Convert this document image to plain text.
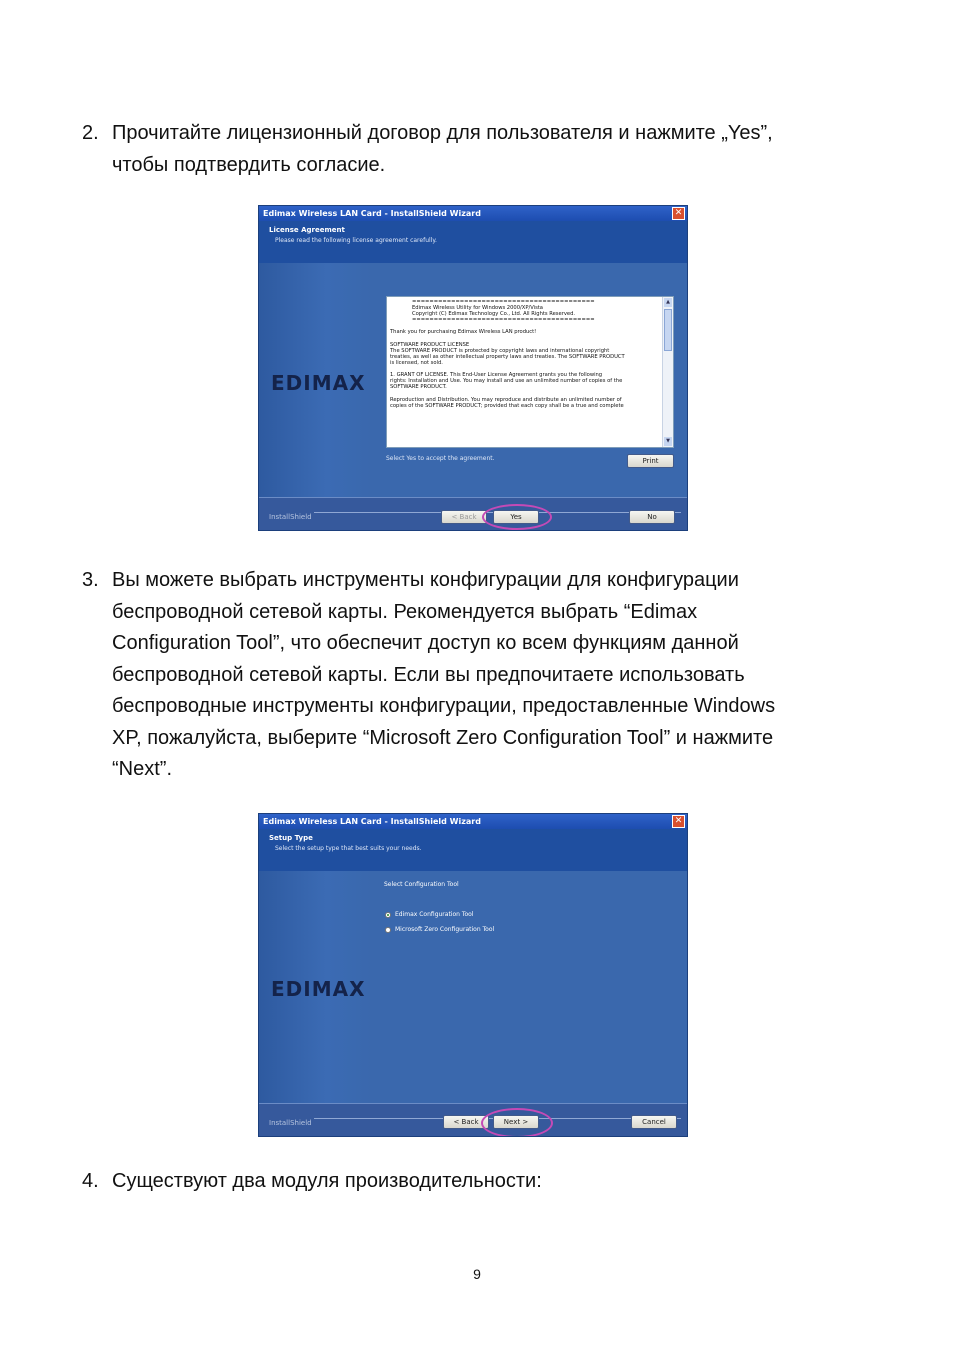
2. Прочитайте лицензионный договор для пользователя и нажмите „Yes”,
чтобы подтвердить согласие.
Edimax Wireless LAN Card - InstallShield Wizard	✕
License Agreement
Please read the following license agreement carefully.
EDIMAX
==========================================
Edimax Wireless Utility for Windows 2000/XP/Vista
Copyright (C) Edimax Technology Co., Ltd. All Rights Reserved.
==========================================

Thank you for purchasing Edimax Wireless LAN product!

SOFTWARE PRODUCT LICENSE
The SOFTWARE PRODUCT is protected by copyright laws and international copyright
treaties, as well as other intellectual property laws and treaties. The SOFTWARE PRODUCT
is licensed, not sold.

1. GRANT OF LICENSE. This End-User License Agreement grants you the following
rights: Installation and Use. You may install and use an unlimited number of copies of the
SOFTWARE PRODUCT.

Reproduction and Distribution. You may reproduce and distribute an unlimited number of
copies of the SOFTWARE PRODUCT; provided that each copy shall be a true and complete
▲
▼
Select Yes to accept the agreement.	Print
InstallShield	< Back	Yes	No
3. Вы можете выбрать инструменты конфигурации для конфигурации
беспроводной сетевой карты. Рекомендуется выбрать “Edimax
Configuration Tool”, что обеспечит доступ ко всем функциям данной
беспроводной сетевой карты. Если вы предпочитаете использовать
беспроводные инструменты конфигурации, предоставленные Windows
XP, пожалуйста, выберите “Microsoft Zero Configuration Tool” и нажмите
“Next”.
Edimax Wireless LAN Card - InstallShield Wizard	✕
Setup Type
Select the setup type that best suits your needs.
EDIMAX
Select Configuration Tool
Edimax Configuration Tool
Microsoft Zero Configuration Tool
InstallShield	< Back	Next >	Cancel
4. Существуют два модуля производительности:
9
